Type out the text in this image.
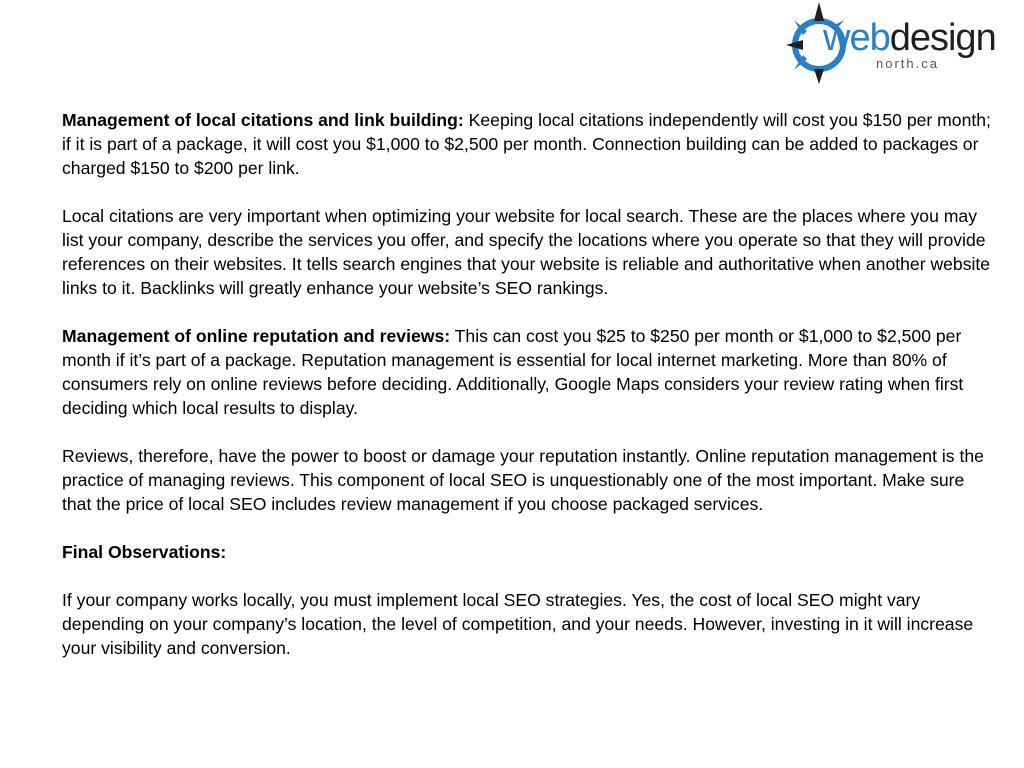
webdesign
north.ca

Management of local citations and link building: Keeping local citations independently will cost you $150 per month; if it is part of a package, it will cost you $1,000 to $2,500 per month. Connection building can be added to packages or charged $150 to $200 per link.

Local citations are very important when optimizing your website for local search. These are the places where you may list your company, describe the services you offer, and specify the locations where you operate so that they will provide references on their websites. It tells search engines that your website is reliable and authoritative when another website links to it. Backlinks will greatly enhance your website’s SEO rankings.

Management of online reputation and reviews: This can cost you $25 to $250 per month or $1,000 to $2,500 per month if it’s part of a package. Reputation management is essential for local internet marketing. More than 80% of consumers rely on online reviews before deciding. Additionally, Google Maps considers your review rating when first deciding which local results to display.

Reviews, therefore, have the power to boost or damage your reputation instantly. Online reputation management is the practice of managing reviews. This component of local SEO is unquestionably one of the most important. Make sure that the price of local SEO includes review management if you choose packaged services.

Final Observations:

If your company works locally, you must implement local SEO strategies. Yes, the cost of local SEO might vary depending on your company’s location, the level of competition, and your needs. However, investing in it will increase your visibility and conversion.
